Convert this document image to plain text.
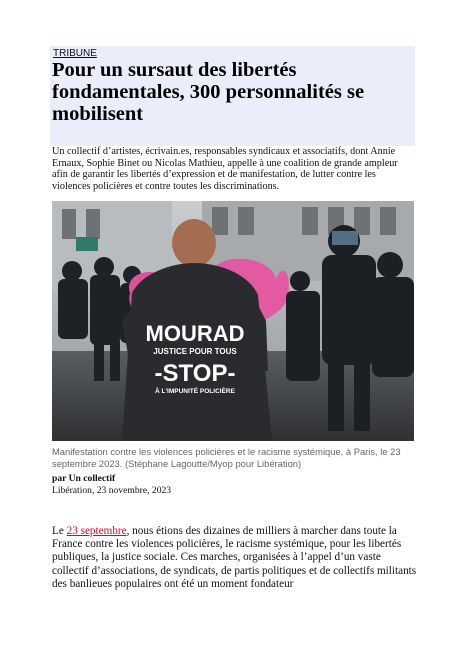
TRIBUNE
Pour un sursaut des libertés fondamentales, 300 personnalités se mobilisent

Un collectif d’artistes, écrivain.es, responsables syndicaux et associatifs, dont Annie Ernaux, Sophie Binet ou Nicolas Mathieu, appelle à une coalition de grande ampleur afin de garantir les libertés d’expression et de manifestation, de lutter contre les violences policières et contre toutes les discriminations.

MOURAD
JUSTICE POUR TOUS
-STOP-
À L'IMPUNITÉ POLICIÈRE

Manifestation contre les violences policières et le racisme systémique, à Paris, le 23 septembre 2023. (Stéphane Lagoutte/Myop pour Libération)

par Un collectif
Libération, 23 novembre, 2023

Le 23 septembre, nous étions des dizaines de milliers à marcher dans toute la France contre les violences policières, le racisme systémique, pour les libertés publiques, la justice sociale. Ces marches, organisées à l’appel d’un vaste collectif d’associations, de syndicats, de partis politiques et de collectifs militants des banlieues populaires ont été un moment fondateur
